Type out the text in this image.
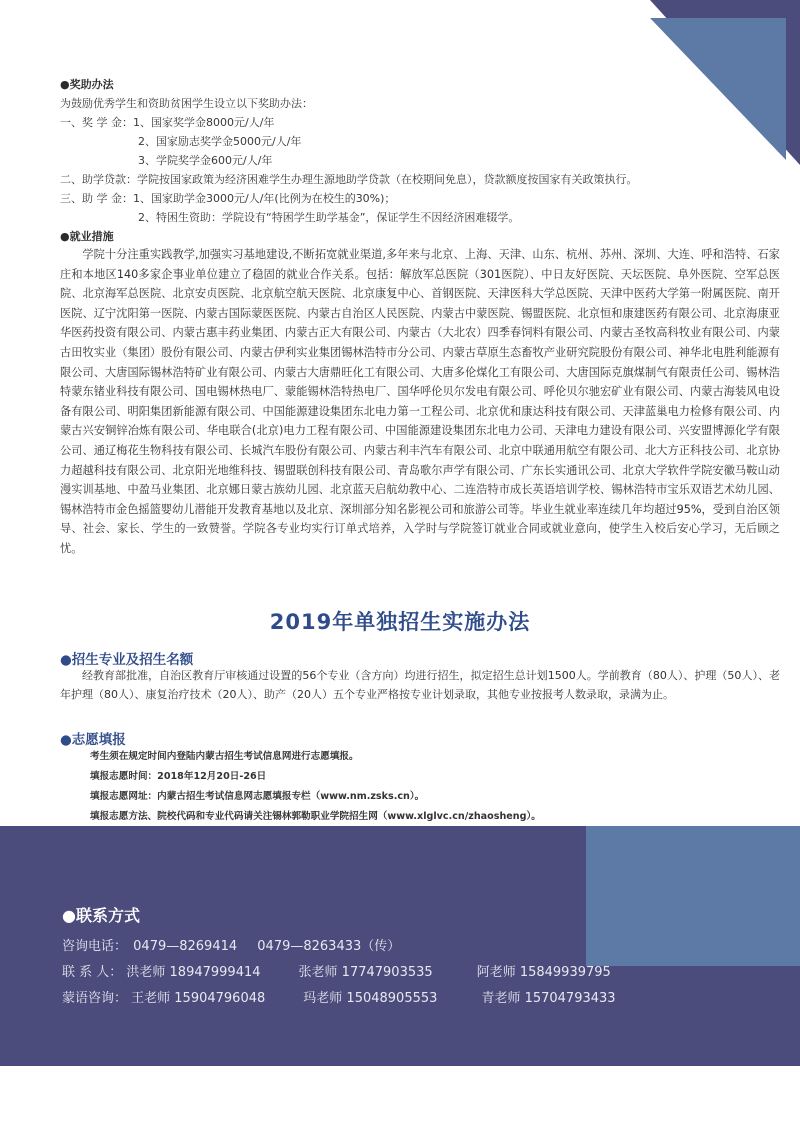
●奖助办法
为鼓励优秀学生和资助贫困学生设立以下奖助办法：
一、奖 学 金：1、国家奖学金8000元/人/年
2、国家励志奖学金5000元/人/年
3、学院奖学金600元/人/年
二、助学贷款：学院按国家政策为经济困难学生办理生源地助学贷款（在校期间免息），贷款额度按国家有关政策执行。
三、助 学 金：1、国家助学金3000元/人/年(比例为在校生的30%)；
2、特困生资助：学院设有“特困学生助学基金”，保证学生不因经济困难辍学。
●就业措施
学院十分注重实践教学,加强实习基地建设,不断拓宽就业渠道,多年来与北京、上海、天津、山东、杭州、苏州、深圳、大连、呼和浩特、石家庄和本地区140多家企事业单位建立了稳固的就业合作关系。包括：解放军总医院（301医院）、中日友好医院、天坛医院、阜外医院、空军总医院、北京海军总医院、北京安贞医院、北京航空航天医院、北京康复中心、首钢医院、天津医科大学总医院、天津中医药大学第一附属医院、南开医院、辽宁沈阳第一医院、内蒙古国际蒙医医院、内蒙古自治区人民医院、内蒙古中蒙医院、锡盟医院、北京恒和康建医药有限公司、北京海康亚华医药投资有限公司、内蒙古惠丰药业集团、内蒙古正大有限公司、内蒙古（大北农）四季春饲料有限公司、内蒙古圣牧高科牧业有限公司、内蒙古田牧实业（集团）股份有限公司、内蒙古伊利实业集团锡林浩特市分公司、内蒙古草原生态畜牧产业研究院股份有限公司、神华北电胜利能源有限公司、大唐国际锡林浩特矿业有限公司、内蒙古大唐鼎旺化工有限公司、大唐多伦煤化工有限公司、大唐国际克旗煤制气有限责任公司、锡林浩特蒙东锗业科技有限公司、国电锡林热电厂、蒙能锡林浩特热电厂、国华呼伦贝尔发电有限公司、呼伦贝尔驰宏矿业有限公司、内蒙古海装风电设备有限公司、明阳集团新能源有限公司、中国能源建设集团东北电力第一工程公司、北京优和康达科技有限公司、天津蓝巢电力检修有限公司、内蒙古兴安铜锌冶炼有限公司、华电联合(北京)电力工程有限公司、中国能源建设集团东北电力公司、天津电力建设有限公司、兴安盟博源化学有限公司、通辽梅花生物科技有限公司、长城汽车股份有限公司、内蒙古利丰汽车有限公司、北京中联通用航空有限公司、北大方正科技公司、北京协力超越科技有限公司、北京阳光地维科技、锡盟联创科技有限公司、青岛歌尔声学有限公司、广东长实通讯公司、北京大学软件学院安徽马鞍山动漫实训基地、中盈马业集团、北京娜日蒙古族幼儿园、北京蓝天启航幼教中心、二连浩特市成长英语培训学校、锡林浩特市宝乐双语艺术幼儿园、锡林浩特市金色摇篮婴幼儿潜能开发教育基地以及北京、深圳部分知名影视公司和旅游公司等。毕业生就业率连续几年均超过95%，受到自治区领导、社会、家长、学生的一致赞誉。学院各专业均实行订单式培养，入学时与学院签订就业合同或就业意向，使学生入校后安心学习，无后顾之忧。
2019年单独招生实施办法
●招生专业及招生名额
经教育部批准，自治区教育厅审核通过设置的56个专业（含方向）均进行招生，拟定招生总计划1500人。学前教育（80人）、护理（50人）、老年护理（80人）、康复治疗技术（20人）、助产（20人）五个专业严格按专业计划录取，其他专业按报考人数录取，录满为止。
●志愿填报
考生须在规定时间内登陆内蒙古招生考试信息网进行志愿填报。
填报志愿时间：2018年12月20日-26日
填报志愿网址：内蒙古招生考试信息网志愿填报专栏（www.nm.zsks.cn）。
填报志愿方法、院校代码和专业代码请关注锡林郭勒职业学院招生网（www.xlglvc.cn/zhaosheng）。
●联系方式
咨询电话： 0479—8269414 0479—8263433（传）
联 系 人： 洪老师 18947999414	张老师 17747903535	阿老师 15849939795
蒙语咨询： 王老师 15904796048	玛老师 15048905553	青老师 15704793433
